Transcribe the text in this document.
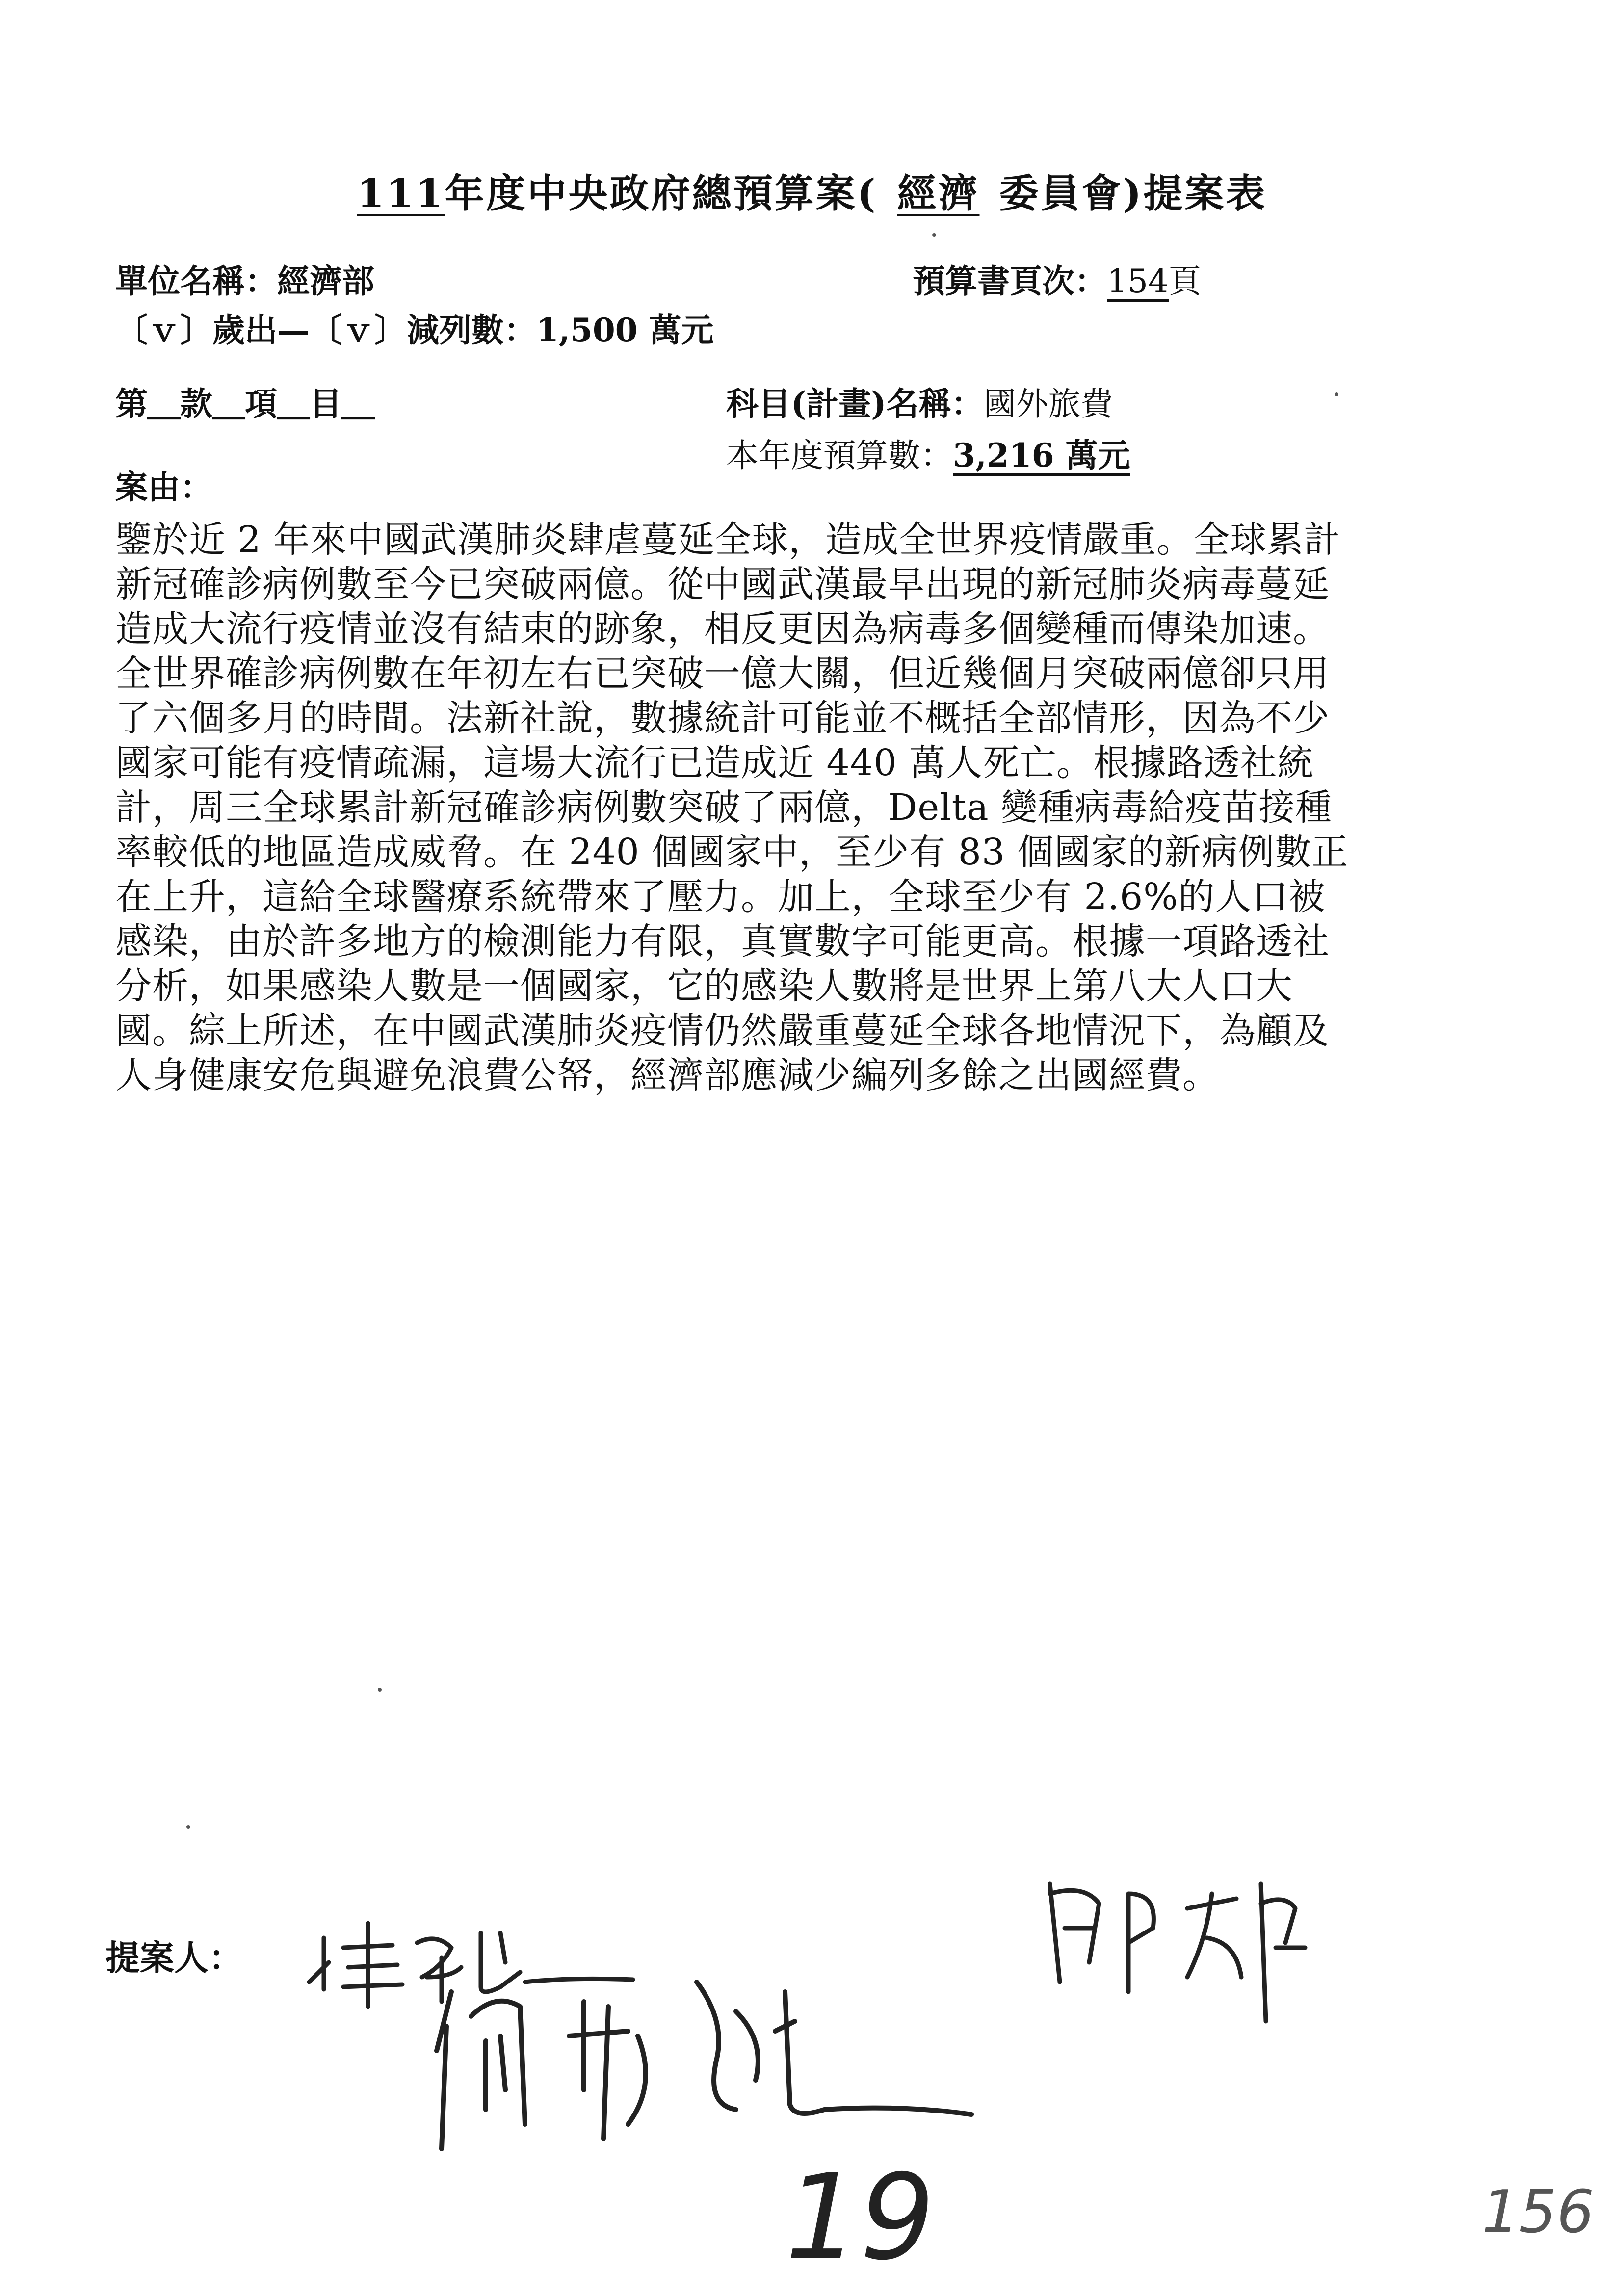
111年度中央政府總預算案( 經濟 委員會)提案表
單位名稱：經濟部	預算書頁次：154頁
〔ｖ〕歲出—〔ｖ〕減列數：1,500 萬元
第＿款＿項＿目＿	科目(計畫)名稱：國外旅費
本年度預算數：3,216 萬元
案由：

鑒於近 2 年來中國武漢肺炎肆虐蔓延全球，造成全世界疫情嚴重。全球累計

新冠確診病例數至今已突破兩億。從中國武漢最早出現的新冠肺炎病毒蔓延

造成大流行疫情並沒有結束的跡象，相反更因為病毒多個變種而傳染加速。

全世界確診病例數在年初左右已突破一億大關，但近幾個月突破兩億卻只用

了六個多月的時間。法新社說，數據統計可能並不概括全部情形，因為不少

國家可能有疫情疏漏，這場大流行已造成近 440 萬人死亡。根據路透社統

計，周三全球累計新冠確診病例數突破了兩億，Delta 變種病毒給疫苗接種

率較低的地區造成威脅。在 240 個國家中，至少有 83 個國家的新病例數正

在上升，這給全球醫療系統帶來了壓力。加上，全球至少有 2.6%的人口被

感染，由於許多地方的檢測能力有限，真實數字可能更高。根據一項路透社

分析，如果感染人數是一個國家，它的感染人數將是世界上第八大人口大

國。綜上所述，在中國武漢肺炎疫情仍然嚴重蔓延全球各地情況下，為顧及

人身健康安危與避免浪費公帑，經濟部應減少編列多餘之出國經費。

提案人：
19	156
